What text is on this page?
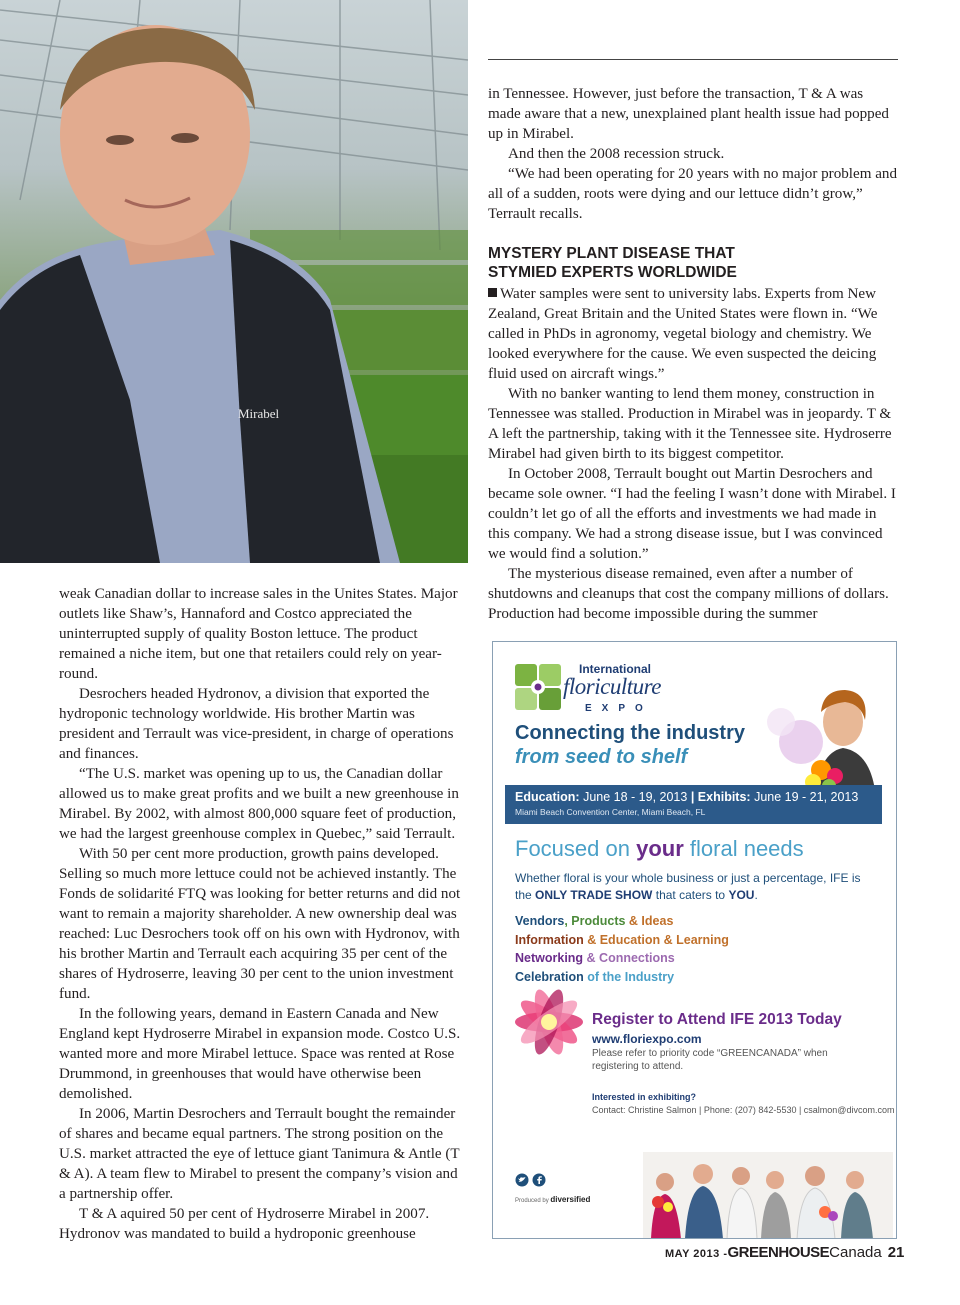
Mirabel

in Tennessee. However, just before the transaction, T & A was made aware that a new, unexplained plant health issue had popped up in Mirabel.

And then the 2008 recession struck.

“We had been operating for 20 years with no major problem and all of a sudden, roots were dying and our lettuce didn’t grow,” Terrault recalls.

MYSTERY PLANT DISEASE THAT
STYMIED EXPERTS WORLDWIDE

Water samples were sent to university labs. Experts from New Zealand, Great Britain and the United States were flown in. “We called in PhDs in agronomy, vegetal biology and chemistry. We looked everywhere for the cause. We even suspected the deicing fluid used on aircraft wings.”

With no banker wanting to lend them money, construction in Tennessee was stalled. Production in Mirabel was in jeopardy. T & A left the partnership, taking with it the Tennessee site. Hydroserre Mirabel had given birth to its biggest competitor.

In October 2008, Terrault bought out Martin Desrochers and became sole owner. “I had the feeling I wasn’t done with Mirabel. I couldn’t let go of all the efforts and investments we had made in this company. We had a strong disease issue, but I was convinced we would find a solution.”

The mysterious disease remained, even after a number of shutdowns and cleanups that cost the company millions of dollars. Production had become impossible during the summer

weak Canadian dollar to increase sales in the Unites States. Major outlets like Shaw’s, Hannaford and Costco appreciated the uninterrupted supply of quality Boston lettuce. The product remained a niche item, but one that retailers could rely on year-round.

Desrochers headed Hydronov, a division that exported the hydroponic technology worldwide. His brother Martin was president and Terrault was vice-president, in charge of operations and finances.

“The U.S. market was opening up to us, the Canadian dollar allowed us to make great profits and we built a new greenhouse in Mirabel. By 2002, with almost 800,000 square feet of production, we had the largest greenhouse complex in Quebec,” said Terrault.

With 50 per cent more production, growth pains developed. Selling so much more lettuce could not be achieved instantly. The Fonds de solidarité FTQ was looking for better returns and did not want to remain a majority shareholder. A new ownership deal was reached: Luc Desrochers took off on his own with Hydronov, with his brother Martin and Terrault each acquiring 35 per cent of the shares of Hydroserre, leaving 30 per cent to the union investment fund.

In the following years, demand in Eastern Canada and New England kept Hydroserre Mirabel in expansion mode. Costco U.S. wanted more and more Mirabel lettuce. Space was rented at Rose Drummond, in greenhouses that would have otherwise been demolished.

In 2006, Martin Desrochers and Terrault bought the remainder of shares and became equal partners. The strong position on the U.S. market attracted the eye of lettuce giant Tanimura & Antle (T & A). A team flew to Mirabel to present the company’s vision and a partnership offer.

T & A aquired 50 per cent of Hydroserre Mirabel in 2007. Hydronov was mandated to build a hydroponic greenhouse

International
floriculture
EXPO
Connecting the industry
from seed to shelf
Education: June 18 - 19, 2013 | Exhibits: June 19 - 21, 2013
Miami Beach Convention Center, Miami Beach, FL
Focused on your floral needs
Whether floral is your whole business or just a percentage, IFE is the ONLY TRADE SHOW that caters to YOU.
Vendors, Products & Ideas
Information & Education & Learning
Networking & Connections
Celebration of the Industry
Register to Attend IFE 2013 Today
www.floriexpo.com
Please refer to priority code “GREENCANADA” when registering to attend.
Interested in exhibiting?
Contact: Christine Salmon | Phone: (207) 842-5530 | csalmon@divcom.com
Produced by diversified
MAY 2013 -GREENHOUSECanada 21
